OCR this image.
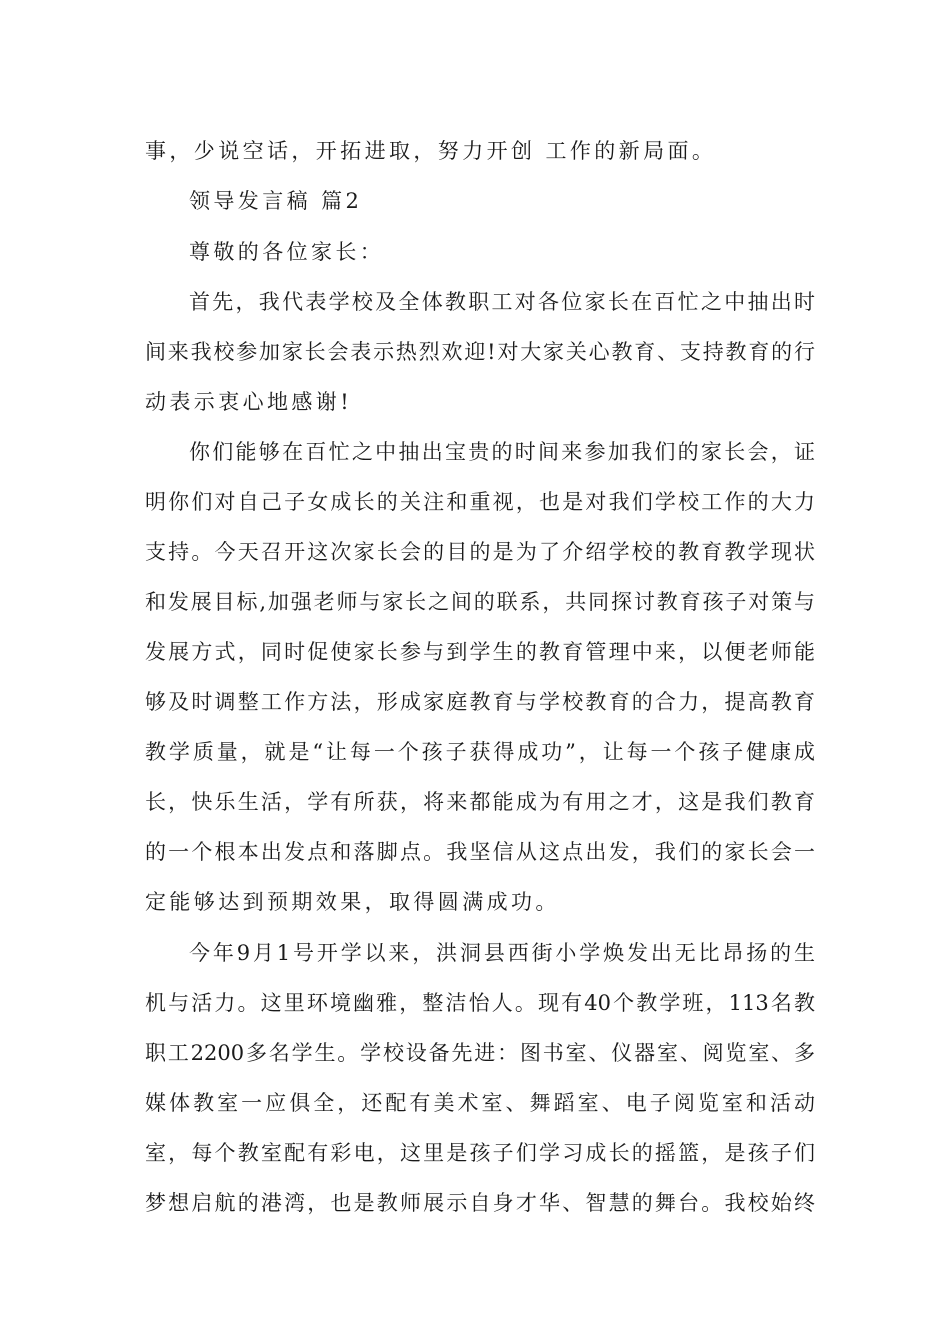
事，少说空话，开拓进取，努力开创 工作的新局面。
领导发言稿 篇2
尊敬的各位家长：
首先，我代表学校及全体教职工对各位家长在百忙之中抽出时
间来我校参加家长会表示热烈欢迎!对大家关心教育、支持教育的行
动表示衷心地感谢!
你们能够在百忙之中抽出宝贵的时间来参加我们的家长会，证
明你们对自己子女成长的关注和重视，也是对我们学校工作的大力
支持。今天召开这次家长会的目的是为了介绍学校的教育教学现状
和发展目标,加强老师与家长之间的联系，共同探讨教育孩子对策与
发展方式，同时促使家长参与到学生的教育管理中来，以便老师能
够及时调整工作方法，形成家庭教育与学校教育的合力，提高教育
教学质量，就是“让每一个孩子获得成功”，让每一个孩子健康成
长，快乐生活，学有所获，将来都能成为有用之才，这是我们教育
的一个根本出发点和落脚点。我坚信从这点出发，我们的家长会一
定能够达到预期效果，取得圆满成功。
今年9月1号开学以来，洪洞县西街小学焕发出无比昂扬的生
机与活力。这里环境幽雅，整洁怡人。现有40个教学班，113名教
职工2200多名学生。学校设备先进：图书室、仪器室、阅览室、多
媒体教室一应俱全，还配有美术室、舞蹈室、电子阅览室和活动
室，每个教室配有彩电，这里是孩子们学习成长的摇篮，是孩子们
梦想启航的港湾，也是教师展示自身才华、智慧的舞台。我校始终
